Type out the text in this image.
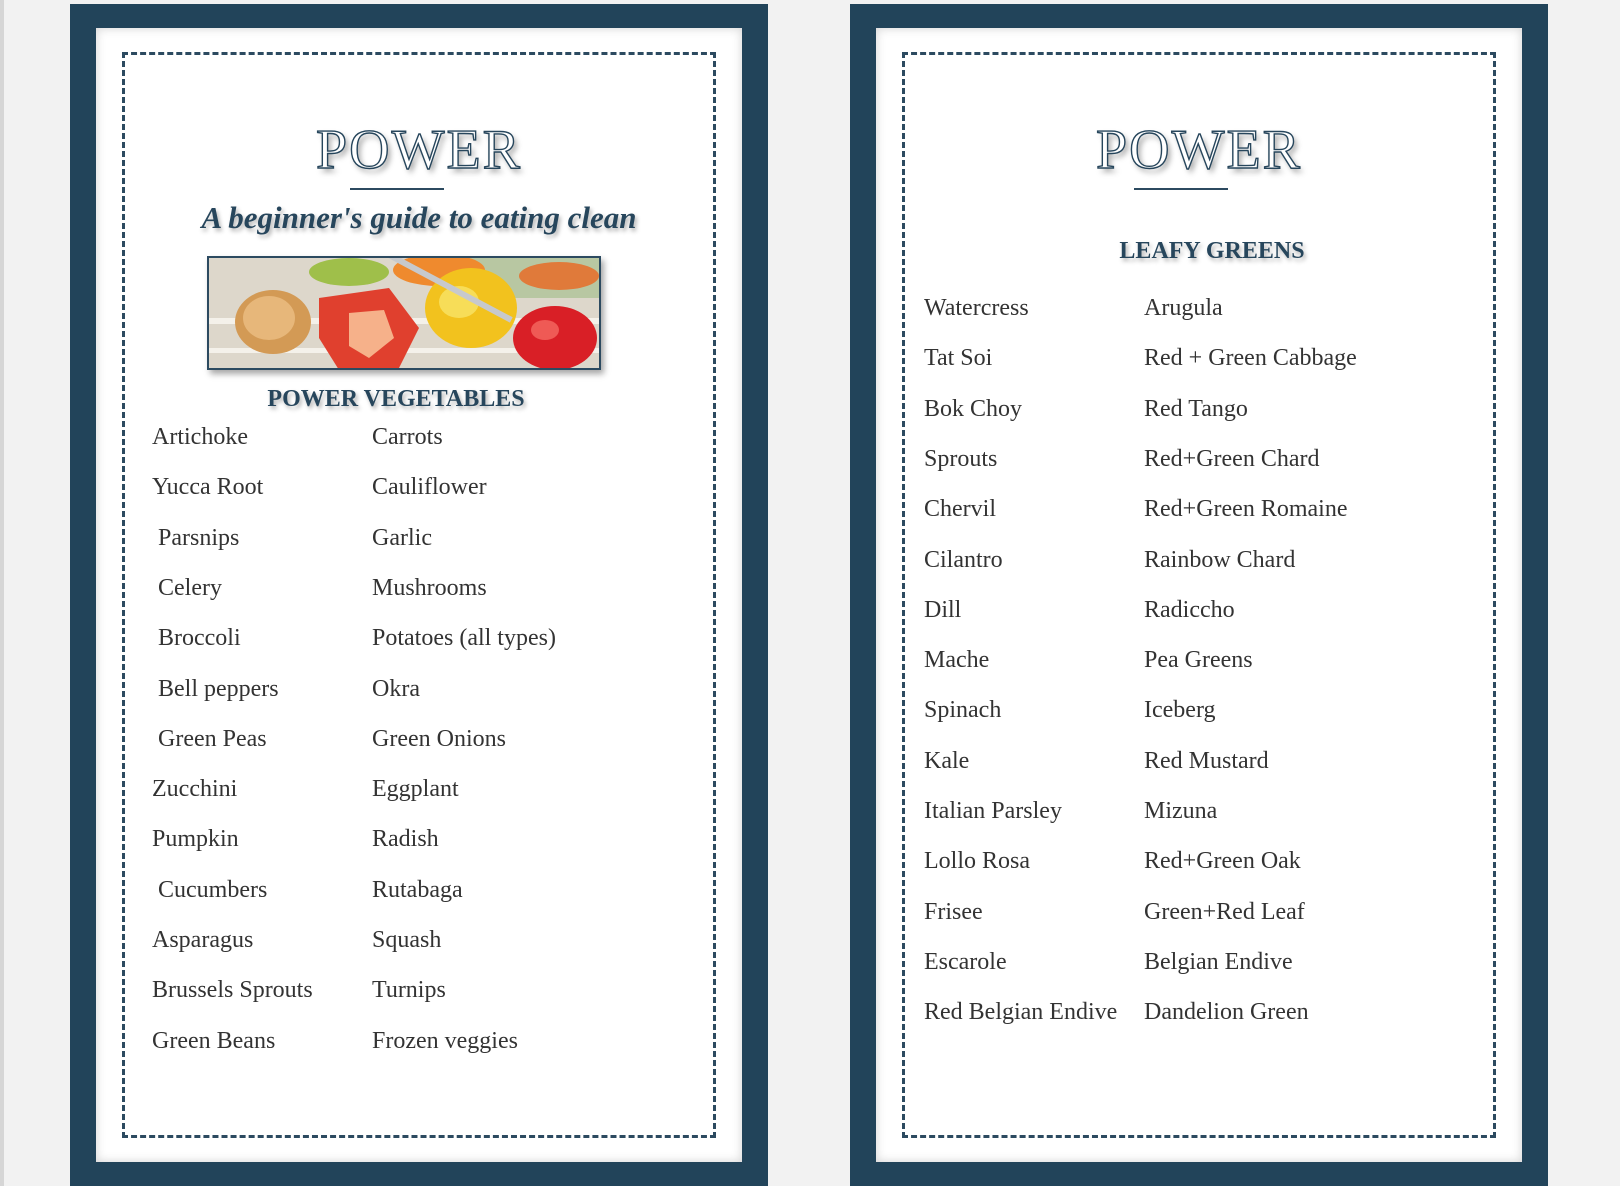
POWER
A beginner's guide to eating clean
POWER VEGETABLES
Artichoke
Yucca Root
Parsnips
Celery
Broccoli
Bell peppers
Green Peas
Zucchini
Pumpkin
Cucumbers
Asparagus
Brussels Sprouts
Green Beans
Carrots
Cauliflower
Garlic
Mushrooms
Potatoes (all types)
Okra
Green Onions
Eggplant
Radish
Rutabaga
Squash
Turnips
Frozen veggies
POWER
LEAFY GREENS
Watercress
Tat Soi
Bok Choy
Sprouts
Chervil
Cilantro
Dill
Mache
Spinach
Kale
Italian Parsley
Lollo Rosa
Frisee
Escarole
Red Belgian Endive
Arugula
Red + Green Cabbage
Red Tango
Red+Green Chard
Red+Green Romaine
Rainbow Chard
Radiccho
Pea Greens
Iceberg
Red Mustard
Mizuna
Red+Green Oak
Green+Red Leaf
Belgian Endive
Dandelion Green
